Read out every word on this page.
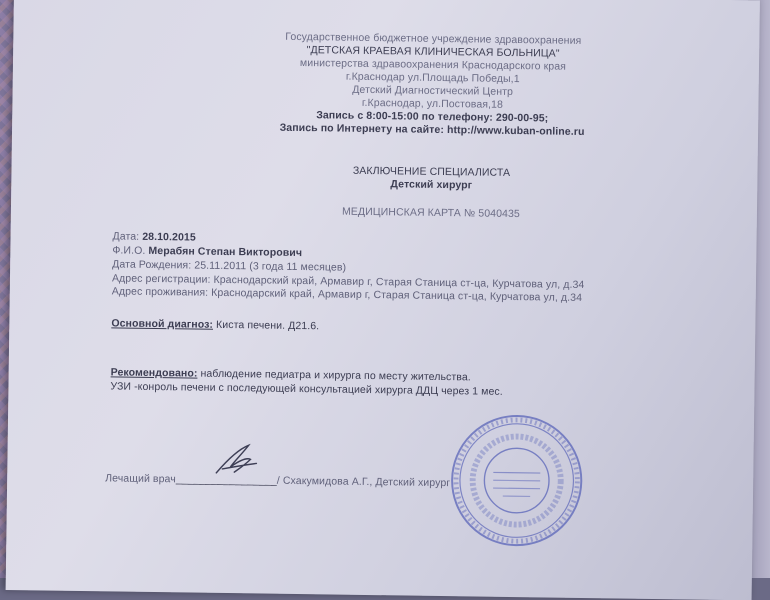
Государственное бюджетное учреждение здравоохранения
"ДЕТСКАЯ КРАЕВАЯ КЛИНИЧЕСКАЯ БОЛЬНИЦА"
министерства здравоохранения Краснодарского края
г.Краснодар ул.Площадь Победы,1
Детский Диагностический Центр
г.Краснодар, ул.Постовая,18
Запись с 8:00-15:00 по телефону: 290-00-95;
Запись по Интернету на сайте: http://www.kuban-online.ru
ЗАКЛЮЧЕНИЕ СПЕЦИАЛИСТА
Детский хирург
МЕДИЦИНСКАЯ КАРТА № 5040435
Дата: 28.10.2015
Ф.И.О. Мерабян Степан Викторович
Дата Рождения: 25.11.2011 (3 года 11 месяцев)
Адрес регистрации: Краснодарский край, Армавир г, Старая Станица ст-ца, Курчатова ул, д.34
Адрес проживания: Краснодарский край, Армавир г, Старая Станица ст-ца, Курчатова ул, д.34
Основной диагноз: Киста печени. Д21.6.
Рекомендовано: наблюдение педиатра и хирурга по месту жительства.
УЗИ -конроль печени с последующей консультацией хирурга ДДЦ через 1 мес.
Лечащий врач_________________/ Схакумидова А.Г., Детский хирург
